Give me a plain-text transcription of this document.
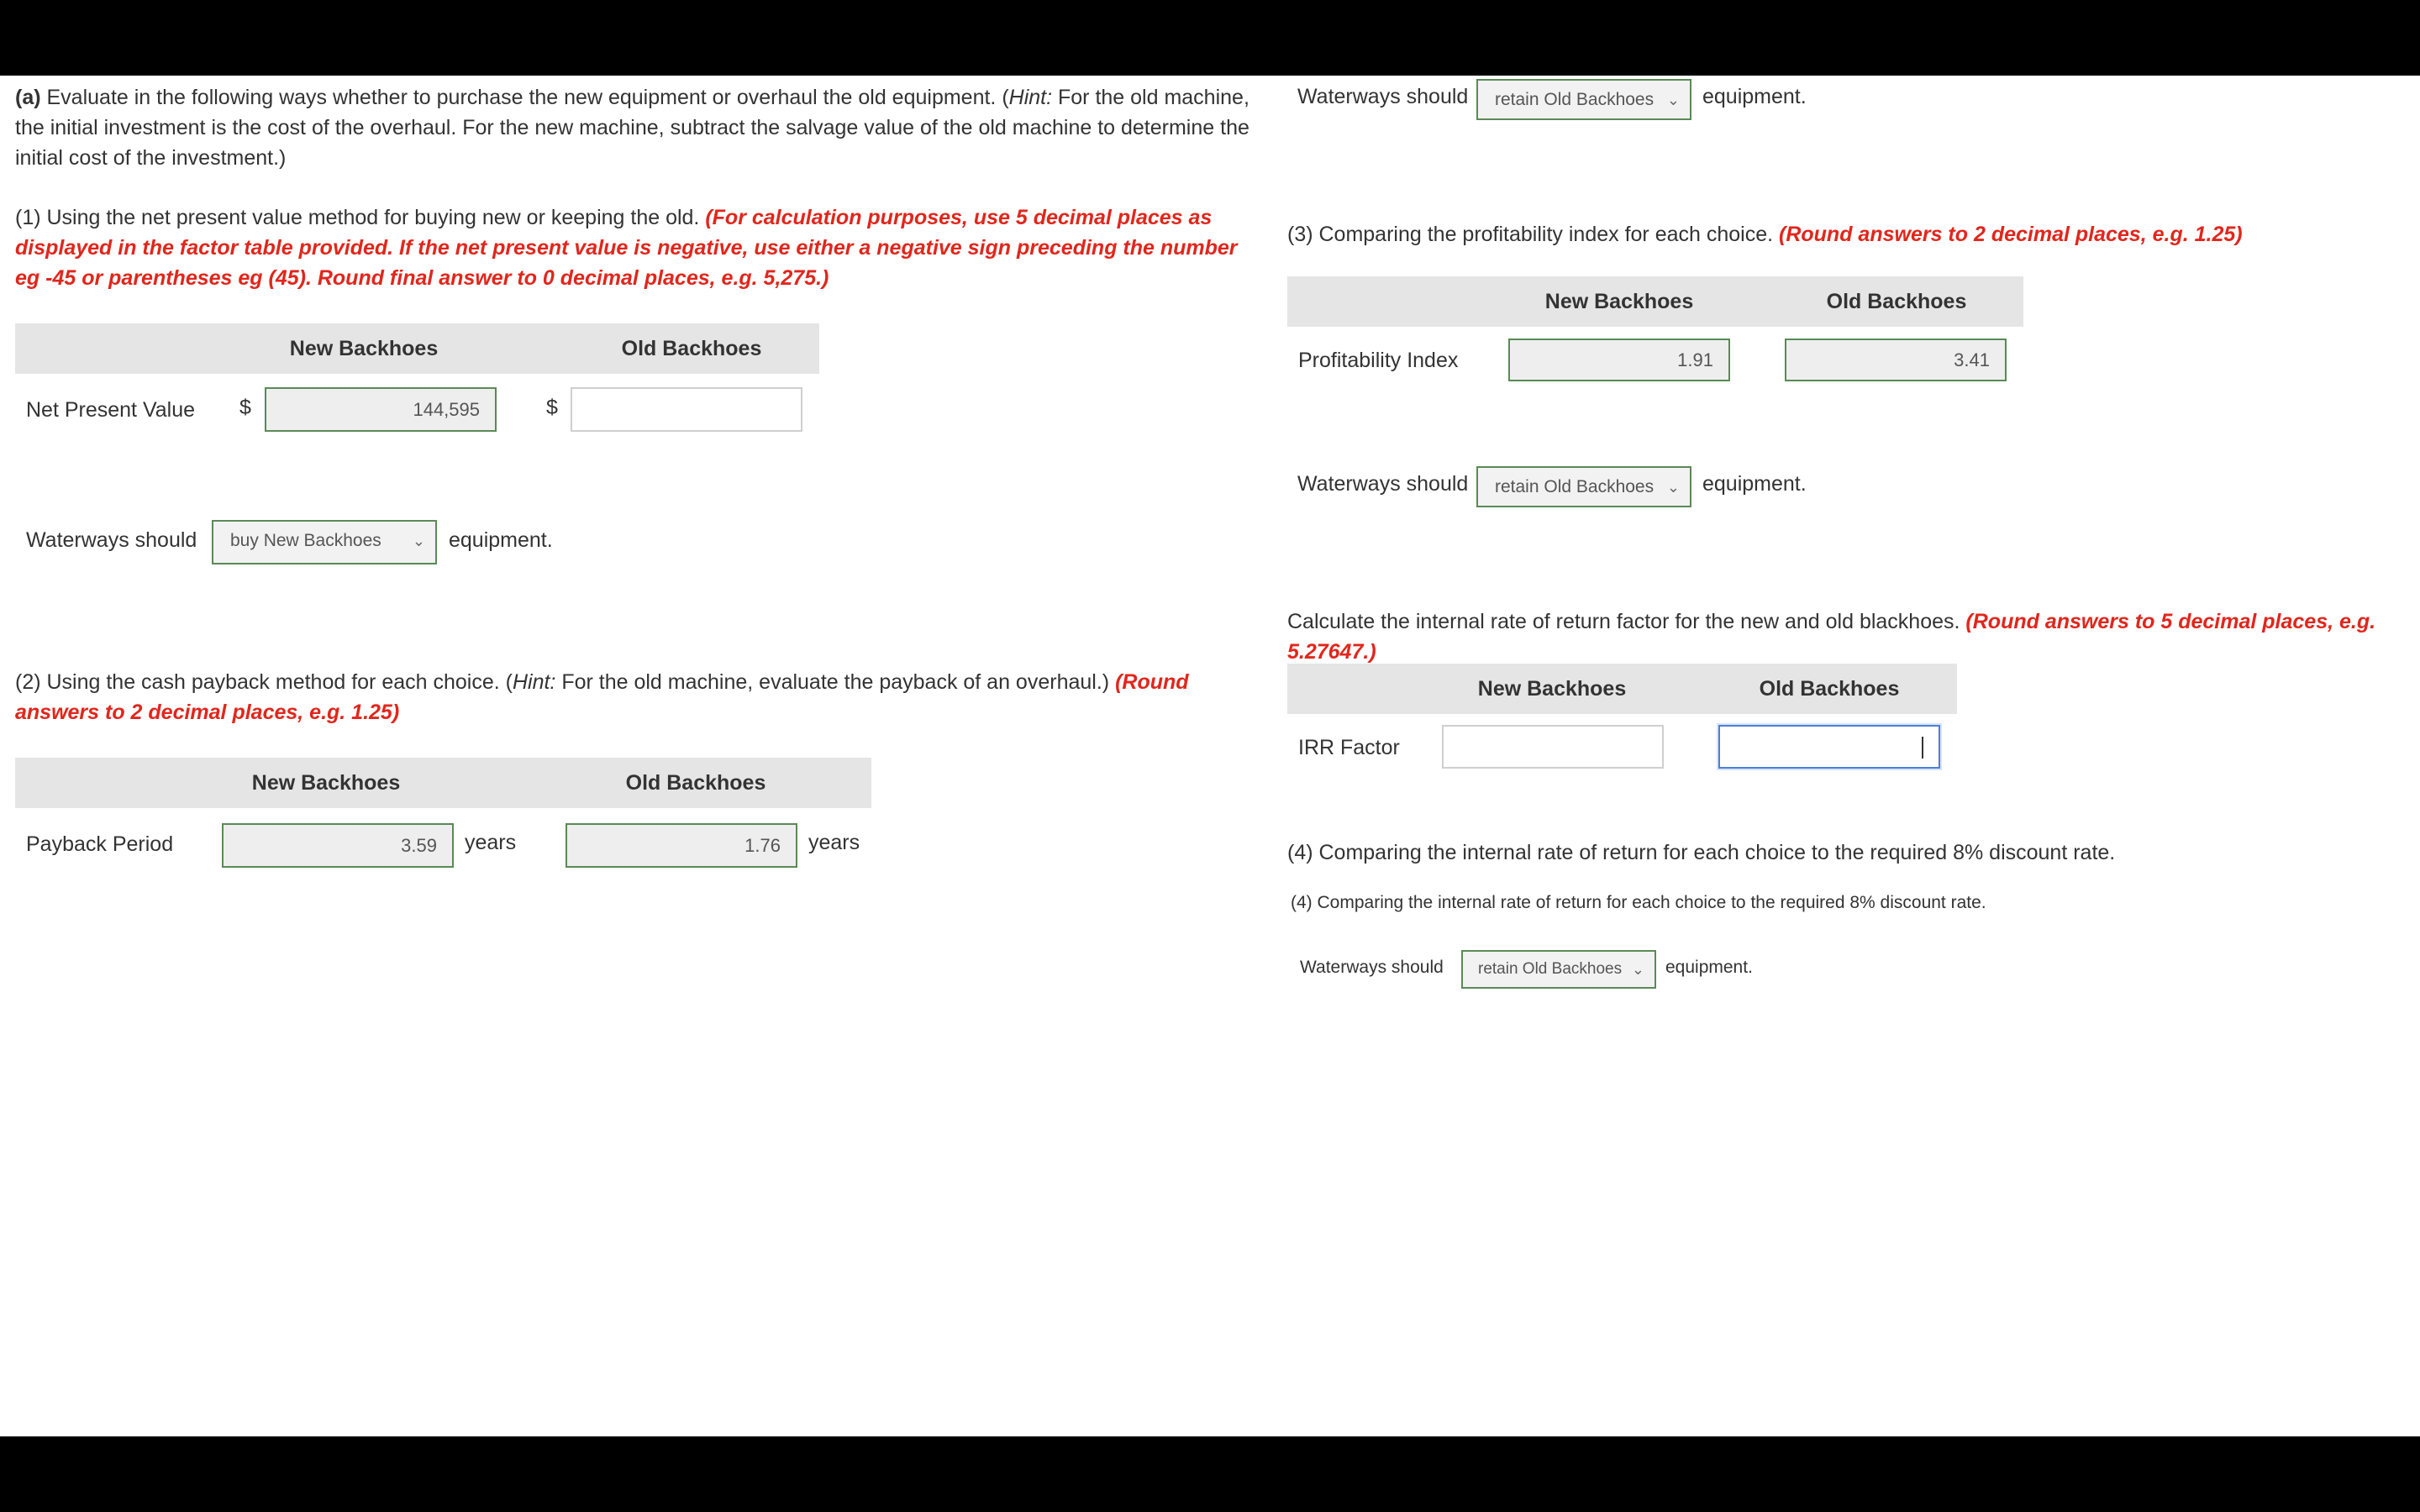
(a) Evaluate in the following ways whether to purchase the new equipment or overhaul the old equipment. (Hint: For the old machine, the initial investment is the cost of the overhaul. For the new machine, subtract the salvage value of the old machine to determine the initial cost of the investment.)
(1) Using the net present value method for buying new or keeping the old. (For calculation purposes, use 5 decimal places as displayed in the factor table provided. If the net present value is negative, use either a negative sign preceding the number eg -45 or parentheses eg (45). Round final answer to 0 decimal places, e.g. 5,275.)
New Backhoes	Old Backhoes
Net Present Value $	144,595	$
Waterways should	buy New Backhoes ⌄ equipment.
(2) Using the cash payback method for each choice. (Hint: For the old machine, evaluate the payback of an overhaul.) (Round answers to 2 decimal places, e.g. 1.25)
New Backhoes	Old Backhoes
Payback Period	3.59	years	1.76	years
Waterways should	retain Old Backhoes ⌄ equipment.
(3) Comparing the profitability index for each choice. (Round answers to 2 decimal places, e.g. 1.25)
New Backhoes	Old Backhoes
Profitability Index	1.91	3.41
Waterways should	retain Old Backhoes ⌄ equipment.
Calculate the internal rate of return factor for the new and old blackhoes. (Round answers to 5 decimal places, e.g. 5.27647.)
New Backhoes	Old Backhoes
IRR Factor
(4) Comparing the internal rate of return for each choice to the required 8% discount rate.
(4) Comparing the internal rate of return for each choice to the required 8% discount rate.
Waterways should	retain Old Backhoes ⌄ equipment.
